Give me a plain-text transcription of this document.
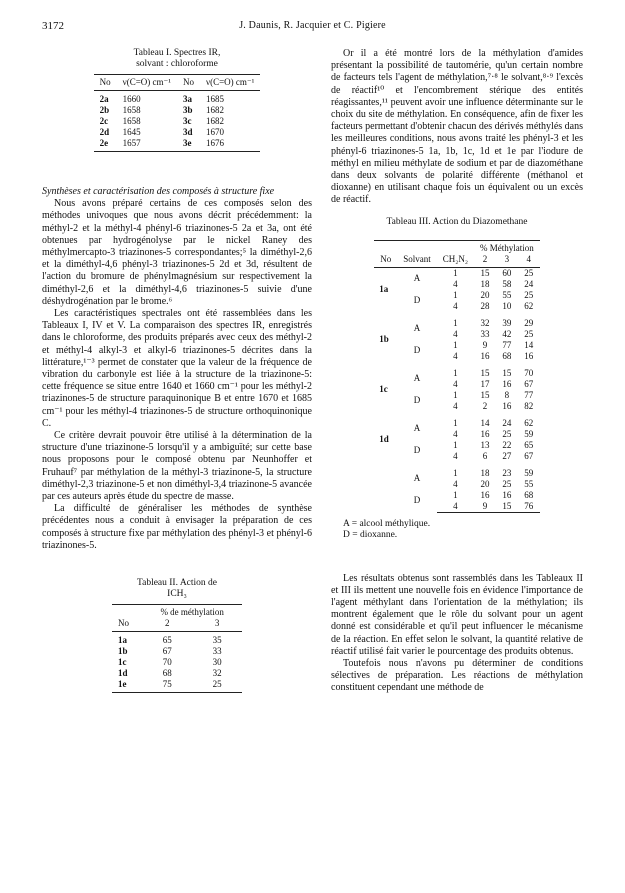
3172	J. Daunis, R. Jacquier et C. Pigiere

Tableau I. Spectres IR,

solvant : chloroforme

No	ν(C=O) cm⁻¹	No	ν(C=O) cm⁻¹
2a	1660	3a	1685
2b	1658	3b	1682
2c	1658	3c	1682
2d	1645	3d	1670
2e	1657	3e	1676

Synthèses et caractérisation des composés à structure fixe

Nous avons préparé certains de ces composés selon des méthodes univoques que nous avons décrit précédemment: la méthyl-2 et la méthyl-4 phényl-6 triazinones-5 2a et 3a, ont été obtenues par hydrogénolyse par le nickel Raney des méthylmercapto-3 triazinones-5 correspondantes;⁵ la diméthyl-2,6 et la diméthyl-4,6 phényl-3 triazinones-5 2d et 3d, résultent de l'action du bromure de phénylmagnésium sur respectivement la diméthyl-2,6 et la diméthyl-4,6 triazinones-5 suivie d'une déshydrogénation par le brome.⁶

Les caractéristiques spectrales ont été rassemblées dans les Tableaux I, IV et V. La comparaison des spectres IR, enregistrés dans le chloroforme, des produits préparés avec ceux des méthyl-2 et méthyl-4 alkyl-3 et alkyl-6 triazinones-5 décrites dans la littérature,¹⁻³ permet de constater que la valeur de la fréquence de vibration du carbonyle est liée à la structure de la triazinone-5: cette fréquence se situe entre 1640 et 1660 cm⁻¹ pour les méthyl-2 triazinones-5 de structure paraquinonique B et entre 1670 et 1685 cm⁻¹ pour les méthyl-4 triazinones-5 de structure orthoquinonique C.

Ce critère devrait pouvoir être utilisé à la détermination de la structure d'une triazinone-5 lorsqu'il y a ambiguïté; sur cette base nous proposons pour le composé obtenu par Neunhoffer et Fruhauf⁷ par méthylation de la méthyl-3 triazinone-5, la structure diméthyl-2,3 triazinone-5 et non diméthyl-3,4 triazinone-5 avancée par ces auteurs après étude du spectre de masse.

La difficulté de généraliser les méthodes de synthèse précédentes nous a conduit à envisager la préparation de ces composés à structure fixe par méthylation des phényl-3 et phényl-6 triazinones-5.

Tableau II. Action de

ICH₃

	% de méthylation	
No	2	3
1a	65	35
1b	67	33
1c	70	30
1d	68	32
1e	75	25

Or il a été montré lors de la méthylation d'amides présentant la possibilité de tautomérie, qu'un certain nombre de facteurs tels l'agent de méthylation,⁷·⁸ le solvant,⁸·⁹ l'excès de réactif¹⁰ et l'encombrement stérique des entités réagissantes,¹¹ peuvent avoir une influence déterminante sur le choix du site de méthylation. En conséquence, afin de fixer les facteurs permettant d'obtenir chacun des dérivés méthylés dans les meilleures conditions, nous avons traité les phényl-3 et les phényl-6 triazinones-5 1a, 1b, 1c, 1d et 1e par l'iodure de méthyl en milieu méthylate de sodium et par de diazométhane dans deux solvants de polarité différente (méthanol et dioxanne) en utilisant chaque fois un équivalent ou un excès de réactif.

Tableau III. Action du Diazomethane

			% Méthylation		
No	Solvant	CH₂N₂	2	3	4
1a	A	1	15	60	25
		4	18	58	24
	D	1	20	55	25
		4	28	10	62
1b	A	1	32	39	29
		4	33	42	25
	D	1	9	77	14
		4	16	68	16
1c	A	1	15	15	70
		4	17	16	67
	D	1	15	8	77
		4	2	16	82
1d	A	1	14	24	62
		4	16	25	59
	D	1	13	22	65
		4	6	27	67
	A	1	18	23	59
		4	20	25	55
	D	1	16	16	68
		4	9	15	76

A = alcool méthylique.

D = dioxanne.

Les résultats obtenus sont rassemblés dans les Tableaux II et III ils mettent une nouvelle fois en évidence l'importance de l'agent méthylant dans l'orientation de la méthylation; ils montrent également que le rôle du solvant pour un agent donné est considérable et qu'il peut influencer le mécanisme de la réaction. En effet selon le solvant, la quantité relative de réactif utilisé fait varier le pourcentage des produits obtenus.

Toutefois nous n'avons pu déterminer de conditions sélectives de préparation. Les réactions de méthylation constituent cependant une méthode de
